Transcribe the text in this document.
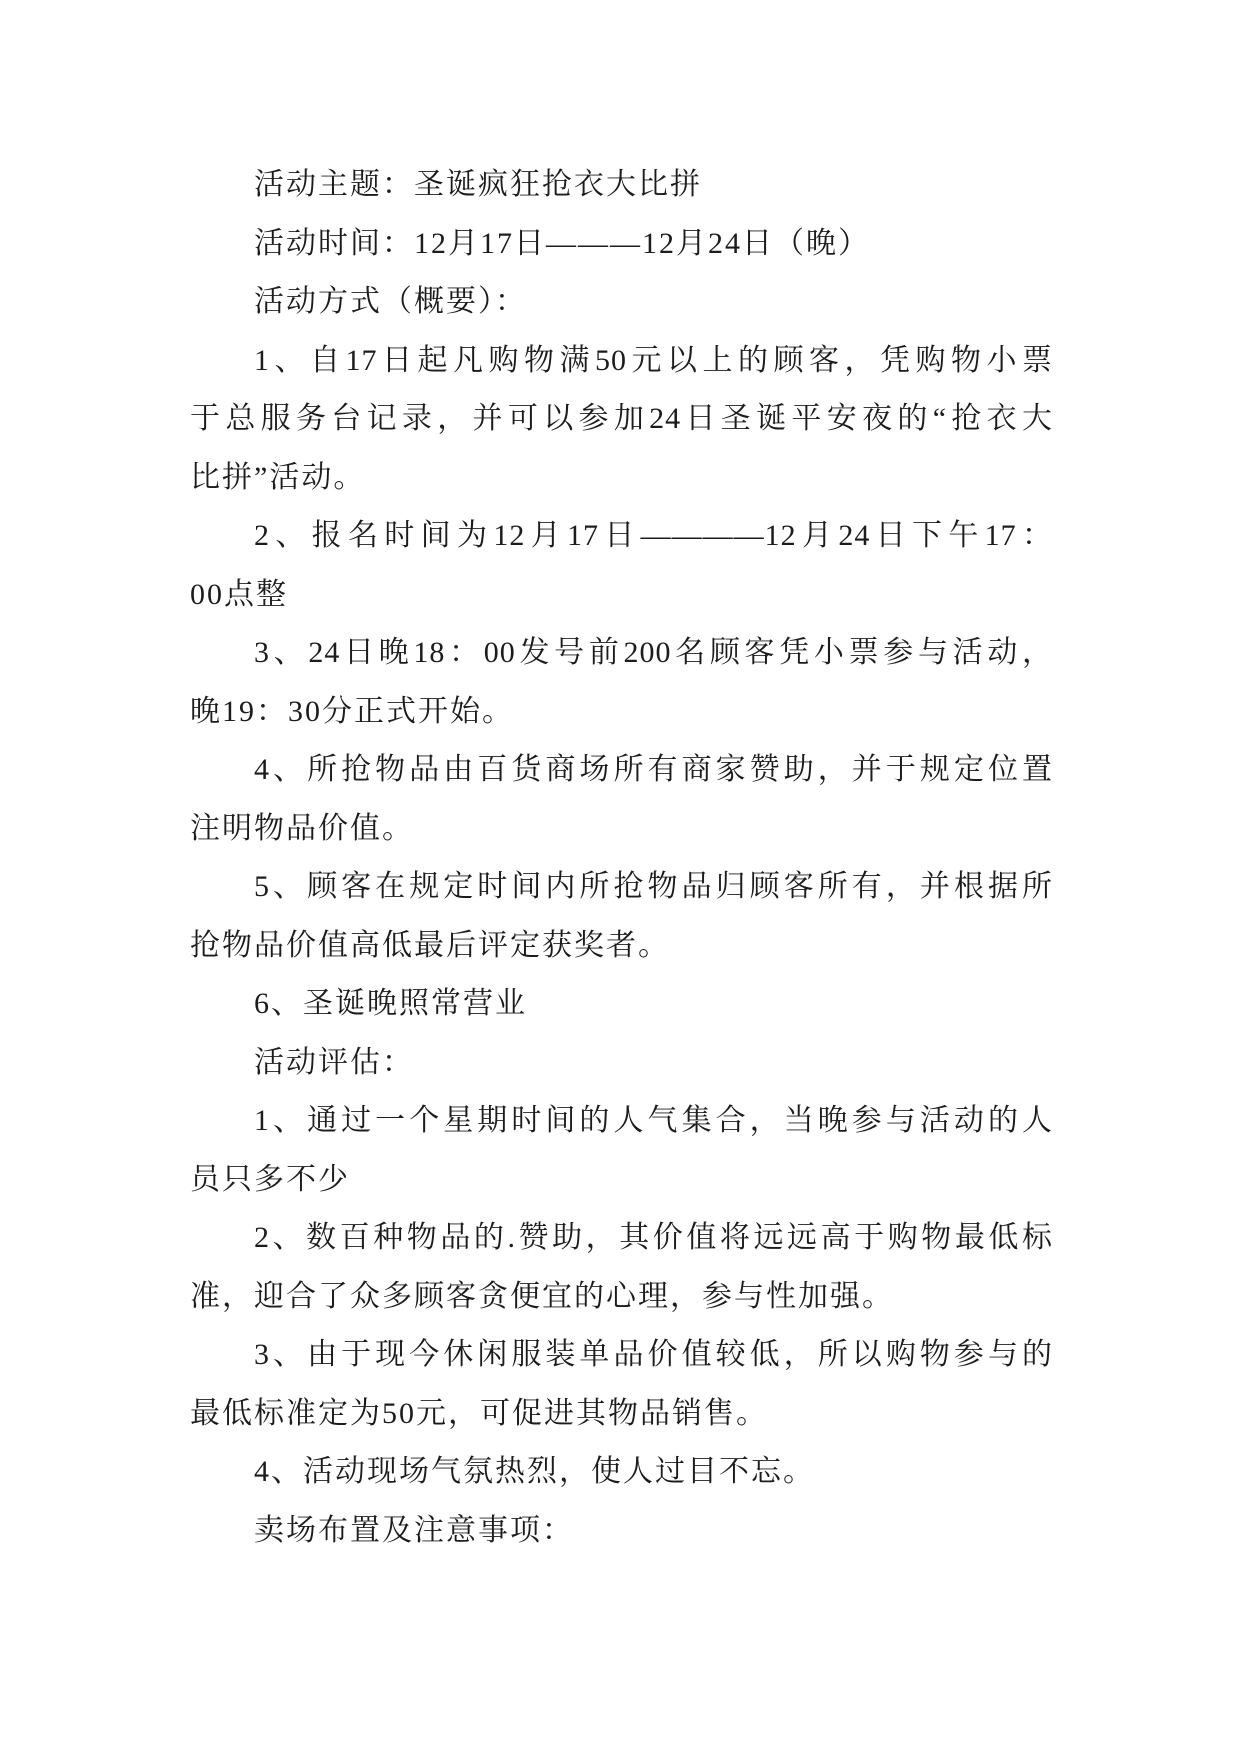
活动主题：圣诞疯狂抢衣大比拼
活动时间：12月17日———12月24日（晚）
活动方式（概要）：
1、自17日起凡购物满50元以上的顾客，凭购物小票
于总服务台记录，并可以参加24日圣诞平安夜的“抢衣大
比拼”活动。
2、报名时间为12月17日————12月24日下午17：
00点整
3、24日晚18：00发号前200名顾客凭小票参与活动，
晚19：30分正式开始。
4、所抢物品由百货商场所有商家赞助，并于规定位置
注明物品价值。
5、顾客在规定时间内所抢物品归顾客所有，并根据所
抢物品价值高低最后评定获奖者。
6、圣诞晚照常营业
活动评估：
1、通过一个星期时间的人气集合，当晚参与活动的人
员只多不少
2、数百种物品的.赞助，其价值将远远高于购物最低标
准，迎合了众多顾客贪便宜的心理，参与性加强。
3、由于现今休闲服装单品价值较低，所以购物参与的
最低标准定为50元，可促进其物品销售。
4、活动现场气氛热烈，使人过目不忘。
卖场布置及注意事项：
